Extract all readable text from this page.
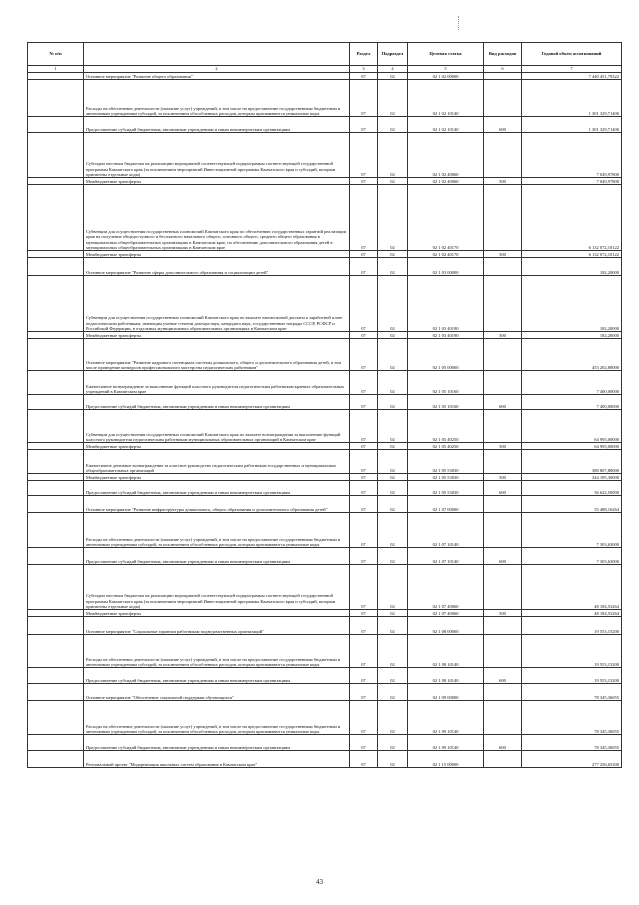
№ п/п		Раздел	Подраздел	Целевая статья	Вид расходов	Годовой объем ассигнований
1	2	3	4	5	6	7
	Основное мероприятие "Развитие общего образования"	07	02	02 1 02 00000		7 440 451,79322
	Расходы на обеспечение деятельности (оказание услуг) учреждений, в том числе на предоставление государственным бюджетным и автономным учреждениям субсидий, за исключением обособленных расходов, которым присваиваются уникальные коды	07	02	02 1 02 10140		1 301 329,71400
	Предоставление субсидий бюджетным, автономным учреждениям и иным некоммерческим организациям	07	02	02 1 02 10140	600	1 301 329,71400
	Субсидии местным бюджетам на реализацию мероприятий соответствующей подпрограммы соответствующей государственной программы Камчатского края (за исключением мероприятий Инвестиционной программы Камчатского края и субсидий, которым присвоены отдельные коды)	07	02	02 1 02 40060		7 049,97800
	Межбюджетные трансферты	07	02	02 1 02 40060	500	7 049,97800
	Субвенции для осуществления государственных полномочий Камчатского края по обеспечению государственных гарантий реализации прав на получение общедоступного и бесплатного начального общего, основного общего, среднего общего образования в муниципальных общеобразовательных организациях в Камчатском крае, по обеспечению дополнительного образования детей в муниципальных общеобразовательных организациях в Камчатском крае	07	02	02 1 02 40170		6 132 072,10122
	Межбюджетные трансферты	07	02	02 1 02 40170	500	6 132 072,10122
	Основное мероприятие "Развитие сферы дополнительного образования и социализации детей"	07	02	02 1 03 00000		182,20000
	Субвенции для осуществления государственных полномочий Камчатского края по выплате ежемесячной доплаты к заработной плате педагогическим работникам, имеющим ученые степени доктора наук, кандидата наук, государственные награды СССР, РСФСР и Российской Федерации, в отдельных муниципальных образовательных организациях в Камчатском крае	07	02	02 1 03 40190		182,20000
	Межбюджетные трансферты	07	02	02 1 03 40190	500	182,20000
	Основное мероприятие "Развитие кадрового потенциала системы дошкольного, общего и дополнительного образования детей, в том числе проведение конкурсов профессионального мастерства педагогических работников"	07	02	02 1 05 00000		453 202,80000
	Ежемесячное вознаграждение за выполнение функций классного руководителя педагогическим работникам краевых образовательных учреждений в Камчатском крае	07	02	02 1 05 10160		7 400,00000
	Предоставление субсидий бюджетным, автономным учреждениям и иным некоммерческим организациям	07	02	02 1 05 10160	600	7 400,00000
	Субвенции для осуществления государственных полномочий Камчатского края по выплате вознаграждения за выполнение функций классного руководителя педагогическим работникам муниципальных образовательных организаций в Камчатском крае	07	02	02 1 05 40250		64 995,00000
	Межбюджетные трансферты	07	02	02 1 05 40250	500	64 995,00000
	Ежемесячное денежное вознаграждение за классное руководство педагогическим работникам государственных и муниципальных общеобразовательных организаций	07	02	02 1 05 53030		380 807,80000
	Межбюджетные трансферты	07	02	02 1 05 53030	500	344 185,30000
	Предоставление субсидий бюджетным, автономным учреждениям и иным некоммерческим организациям	07	02	02 1 05 53030	600	36 622,50000
	Основное мероприятие "Развитие инфраструктуры дошкольного, общего образования и дополнительного образования детей"	07	02	02 1 07 00000		55 488,16264
	Расходы на обеспечение деятельности (оказание услуг) учреждений, в том числе на предоставление государственным бюджетным и автономным учреждениям субсидий, за исключением обособленных расходов, которым присваиваются уникальные коды	07	02	02 1 07 10140		7 303,63000
	Предоставление субсидий бюджетным, автономным учреждениям и иным некоммерческим организациям	07	02	02 1 07 10140	600	7 303,63000
	Субсидии местным бюджетам на реализацию мероприятий соответствующей подпрограммы соответствующей государственной программы Камчатского края (за исключением мероприятий Инвестиционной программы Камчатского края и субсидий, которым присвоены отдельные коды)	07	02	02 1 07 40060		48 184,53264
	Межбюджетные трансферты	07	02	02 1 07 40060	500	48 184,53264
	Основное мероприятие "Социальные гарантии работникам подведомственных организаций"	07	02	02 1 08 00000		19 553,15200
	Расходы на обеспечение деятельности (оказание услуг) учреждений, в том числе на предоставление государственным бюджетным и автономным учреждениям субсидий, за исключением обособленных расходов, которым присваиваются уникальные коды	07	02	02 1 08 10140		19 553,15200
	Предоставление субсидий бюджетным, автономным учреждениям и иным некоммерческим организациям	07	02	02 1 08 10140	600	19 553,15200
	Основное мероприятие "Обеспечение социальной поддержки обучающихся"	07	02	02 1 09 00000		78 345,36055
	Расходы на обеспечение деятельности (оказание услуг) учреждений, в том числе на предоставление государственным бюджетным и автономным учреждениям субсидий, за исключением обособленных расходов, которым присваиваются уникальные коды	07	02	02 1 09 10140		78 345,36055
	Предоставление субсидий бюджетным, автономным учреждениям и иным некоммерческим организациям	07	02	02 1 09 10140	600	78 345,36055
	Региональный проект "Модернизация школьных систем образования в Камчатском крае"	07	02	02 1 15 00000		277 256,65300
43
